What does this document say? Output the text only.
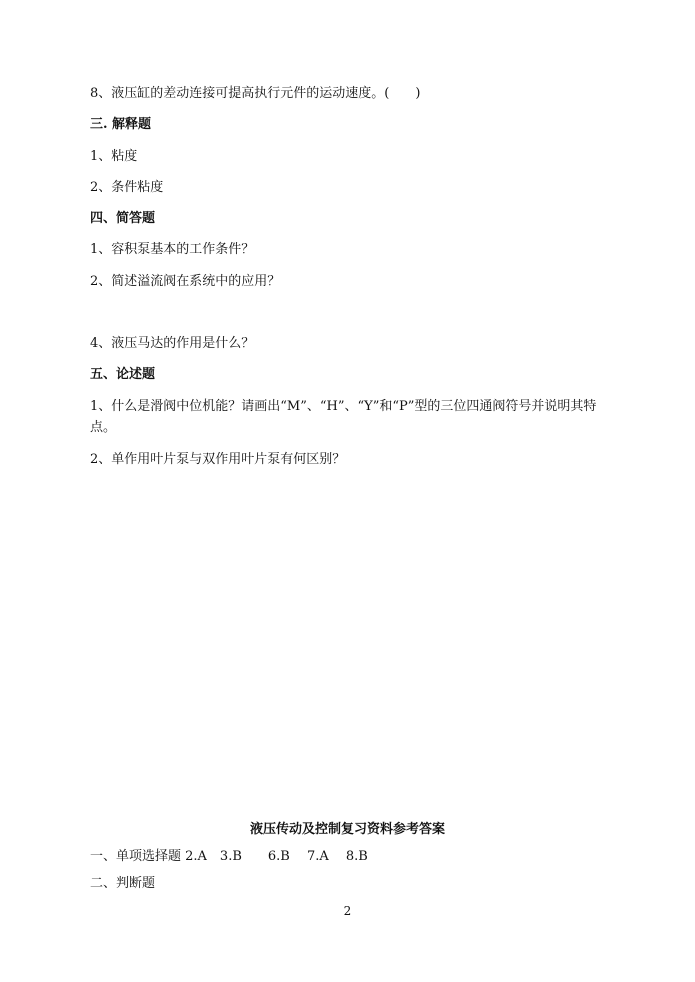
8、液压缸的差动连接可提高执行元件的运动速度。(　　)
三. 解释题
1、粘度
2、条件粘度
四、简答题
1、容积泵基本的工作条件？
2、简述溢流阀在系统中的应用？
4、液压马达的作用是什么？
五、论述题
1、什么是滑阀中位机能？请画出“M”、“H”、“Y”和“P”型的三位四通阀符号并说明其特点。
2、单作用叶片泵与双作用叶片泵有何区别？
液压传动及控制复习资料参考答案
一、单项选择题 2.A　3.B　　6.B　 7.A　 8.B
二、判断题
2
